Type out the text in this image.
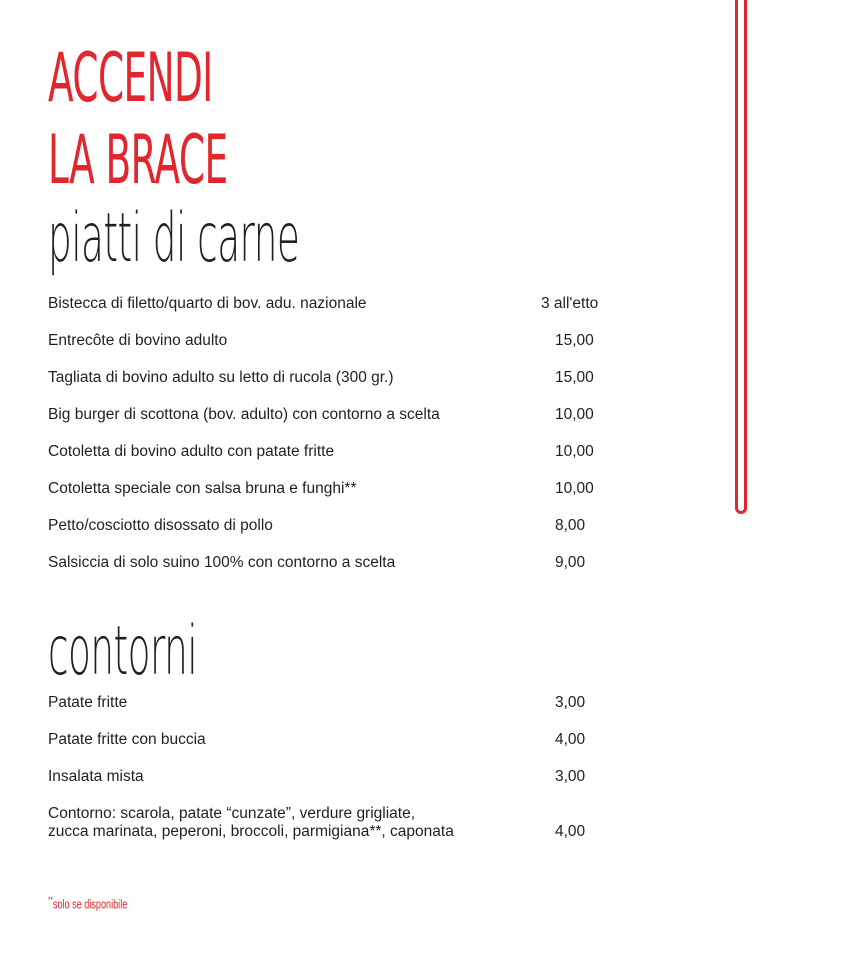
ACCENDI
LA BRACE
piatti di carne
Bistecca di filetto/quarto di bov. adu. nazionale	3 all'etto
Entrecôte di bovino adulto	15,00
Tagliata di bovino adulto su letto di rucola (300 gr.)	15,00
Big burger di scottona (bov. adulto) con contorno a scelta	10,00
Cotoletta di bovino adulto con patate fritte	10,00
Cotoletta speciale con salsa bruna e funghi**	10,00
Petto/cosciotto disossato di pollo	8,00
Salsiccia di solo suino 100% con contorno a scelta	9,00
contorni
Patate fritte	3,00
Patate fritte con buccia	4,00
Insalata mista	3,00
Contorno: scarola, patate “cunzate”, verdure grigliate,
zucca marinata, peperoni, broccoli, parmigiana**, caponata	4,00
**solo se disponibile
